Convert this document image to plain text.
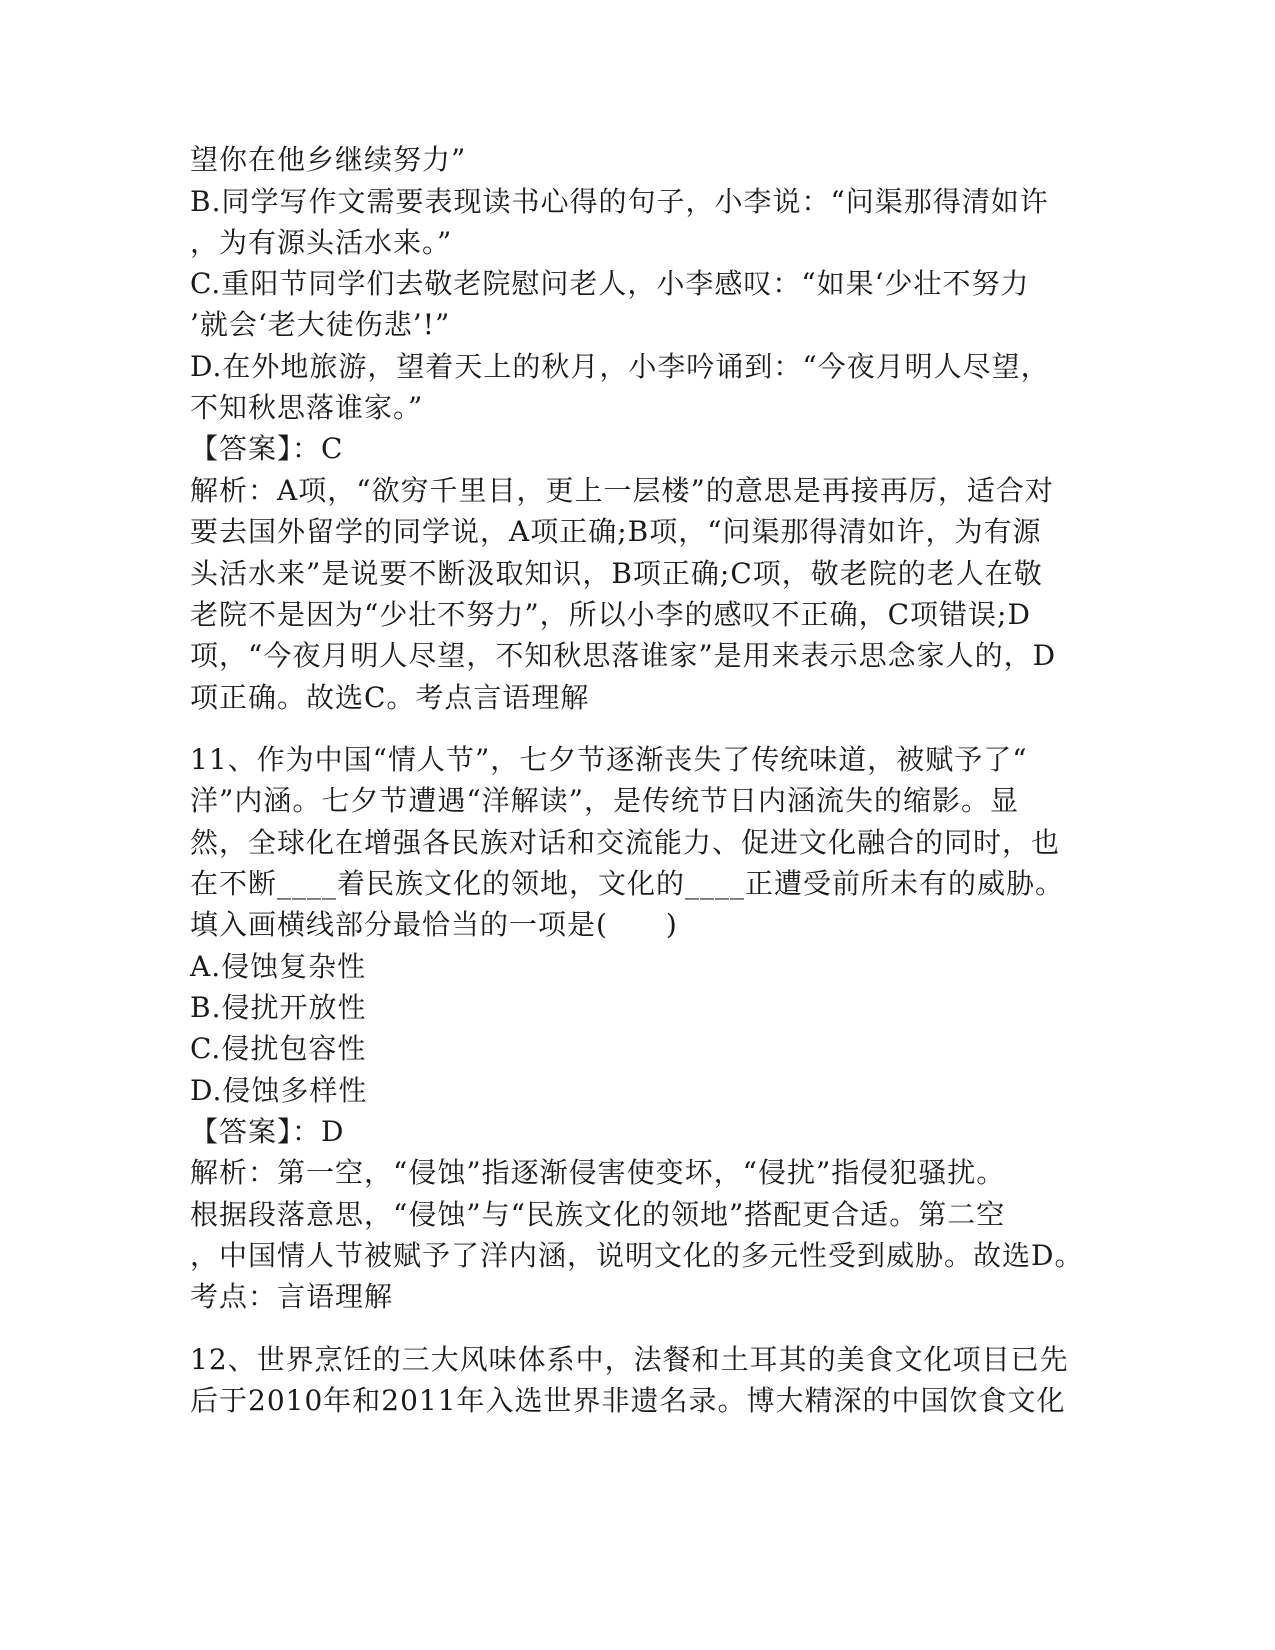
望你在他乡继续努力”
B.同学写作文需要表现读书心得的句子，小李说：“问渠那得清如许
，为有源头活水来。”
C.重阳节同学们去敬老院慰问老人，小李感叹：“如果‘少壮不努力
’就会‘老大徒伤悲’!”
D.在外地旅游，望着天上的秋月，小李吟诵到：“今夜月明人尽望，
不知秋思落谁家。”
【答案】：C
解析：A项，“欲穷千里目，更上一层楼”的意思是再接再厉，适合对
要去国外留学的同学说，A项正确;B项，“问渠那得清如许，为有源
头活水来”是说要不断汲取知识，B项正确;C项，敬老院的老人在敬
老院不是因为“少壮不努力”，所以小李的感叹不正确，C项错误;D
项，“今夜月明人尽望，不知秋思落谁家”是用来表示思念家人的，D
项正确。故选C。考点言语理解
11、作为中国“情人节”，七夕节逐渐丧失了传统味道，被赋予了“
洋”内涵。七夕节遭遇“洋解读”，是传统节日内涵流失的缩影。显
然，全球化在增强各民族对话和交流能力、促进文化融合的同时，也
在不断____着民族文化的领地，文化的____正遭受前所未有的威胁。
填入画横线部分最恰当的一项是(　　)
A.侵蚀复杂性
B.侵扰开放性
C.侵扰包容性
D.侵蚀多样性
【答案】：D
解析：第一空，“侵蚀”指逐渐侵害使变坏，“侵扰”指侵犯骚扰。
根据段落意思，“侵蚀”与“民族文化的领地”搭配更合适。第二空
，中国情人节被赋予了洋内涵，说明文化的多元性受到威胁。故选D。
考点：言语理解
12、世界烹饪的三大风味体系中，法餐和土耳其的美食文化项目已先
后于2010年和2011年入选世界非遗名录。博大精深的中国饮食文化
